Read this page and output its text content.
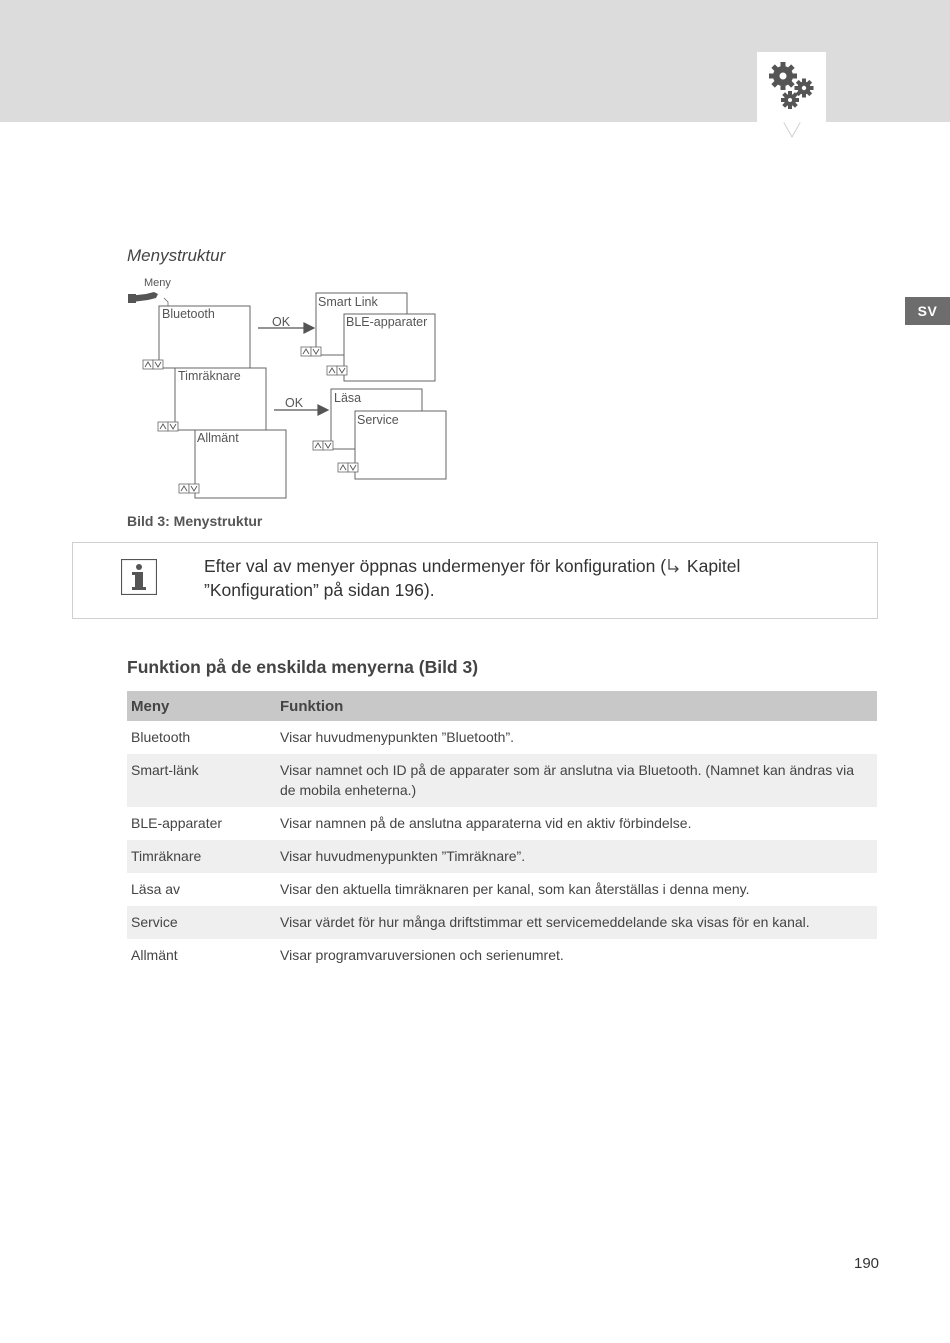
SV
Menystruktur
Meny
Bluetooth
OK
Smart Link
BLE-apparater
Timräknare
OK Läsa
Service
Allmänt
Bild 3: Menystruktur
Efter val av menyer öppnas undermenyer för konfiguration ( Kapitel ”Konfiguration” på sidan 196).
Funktion på de enskilda menyerna (Bild 3)
Meny	Funktion
Bluetooth	Visar huvudmenypunkten ”Bluetooth”.
Smart-länk	Visar namnet och ID på de apparater som är anslutna via Bluetooth. (Namnet kan ändras via de mobila enheterna.)
BLE-apparater	Visar namnen på de anslutna apparaterna vid en aktiv förbindelse.
Timräknare	Visar huvudmenypunkten ”Timräknare”.
Läsa av	Visar den aktuella timräknaren per kanal, som kan återställas i denna meny.
Service	Visar värdet för hur många driftstimmar ett servicemeddelande ska visas för en kanal.
Allmänt	Visar programvaruversionen och serienumret.
190
